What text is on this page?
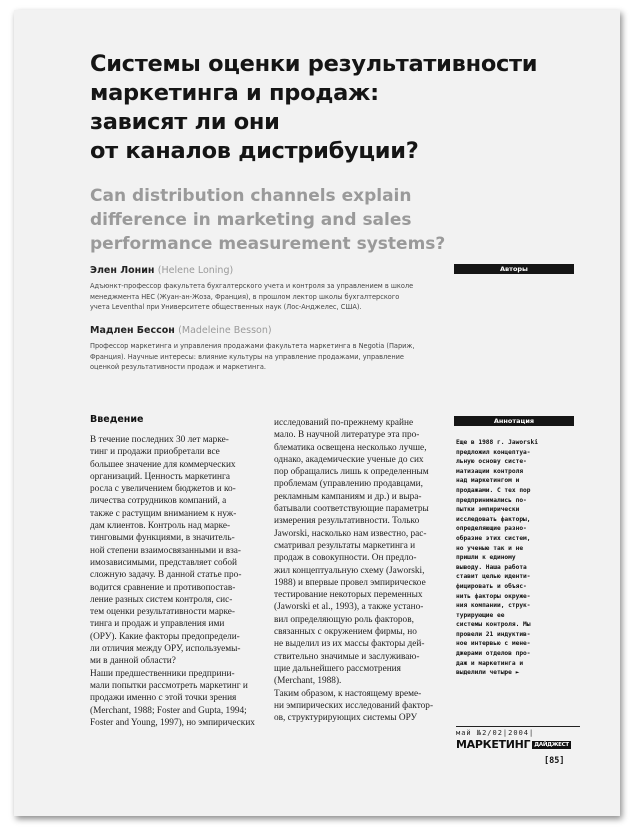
Системы оценки результативности
маркетинга и продаж:
зависят ли они
от каналов дистрибуции?
Can distribution channels explain
difference in marketing and sales
performance measurement systems?
Авторы
Элен Лонин (Helene Loning)
Адъюнкт-профессор факультета бухгалтерского учета и контроля за управлением в школе
менеджмента HEC (Жуан-ан-Жоза, Франция), в прошлом лектор школы бухгалтерского
учета Leventhal при Университете общественных наук (Лос-Анджелес, США).
Мадлен Бессон (Madeleine Besson)
Профессор маркетинга и управления продажами факультета маркетинга в Negotia (Париж,
Франция). Научные интересы: влияние культуры на управление продажами, управление
оценкой результативности продаж и маркетинга.
Введение
В течение последних 30 лет марке-
тинг и продажи приобретали все
большее значение для коммерческих
организаций. Ценность маркетинга
росла с увеличением бюджетов и ко-
личества сотрудников компаний, а
также с растущим вниманием к нуж-
дам клиентов. Контроль над марке-
тинговыми функциями, в значитель-
ной степени взаимосвязанными и вза-
имозависимыми, представляет собой
сложную задачу. В данной статье про-
водится сравнение и противопостав-
ление разных систем контроля, сис-
тем оценки результативности марке-
тинга и продаж и управления ими
(ОРУ). Какие факторы предопредели-
ли отличия между ОРУ, используемы-
ми в данной области?
Наши предшественники предприни-
мали попытки рассмотреть маркетинг и
продажи именно с этой точки зрения
(Merchant, 1988; Foster and Gupta, 1994;
Foster and Young, 1997), но эмпирических
исследований по-прежнему крайне
мало. В научной литературе эта про-
блематика освещена несколько лучше,
однако, академические ученые до сих
пор обращались лишь к определенным
проблемам (управлению продавцами,
рекламным кампаниям и др.) и выра-
батывали соответствующие параметры
измерения результативности. Только
Jaworski, насколько нам известно, рас-
сматривал результаты маркетинга и
продаж в совокупности. Он предло-
жил концептуальную схему (Jaworski,
1988) и впервые провел эмпирическое
тестирование некоторых переменных
(Jaworski et al., 1993), а также устано-
вил определяющую роль факторов,
связанных с окружением фирмы, но
не выделил из их массы факторы дей-
ствительно значимые и заслуживаю-
щие дальнейшего рассмотрения
(Merchant, 1988).
Таким образом, к настоящему време-
ни эмпирических исследований фактор-
ов, структурирующих системы ОРУ
Аннотация
Еще в 1988 г. Jaworski
предложил концептуа-
льную основу систе-
матизации контроля
над маркетингом и
продажами. С тех пор
предпринимались по-
пытки эмпирически
исследовать факторы,
определяющие разно-
образие этих систем,
но ученые так и не
пришли к единому
выводу. Наша работа
ставит целью иденти-
фицировать и объяс-
нить факторы окруже-
ния компании, струк-
турирующие ее
системы контроля. Мы
провели 21 индуктив-
ное интервью с мене-
джерами отделов про-
даж и маркетинга и
выделили четыре ►
май №2/02|2004|
МАРКЕТИНГ ДАЙДЖЕСТ
[85]
